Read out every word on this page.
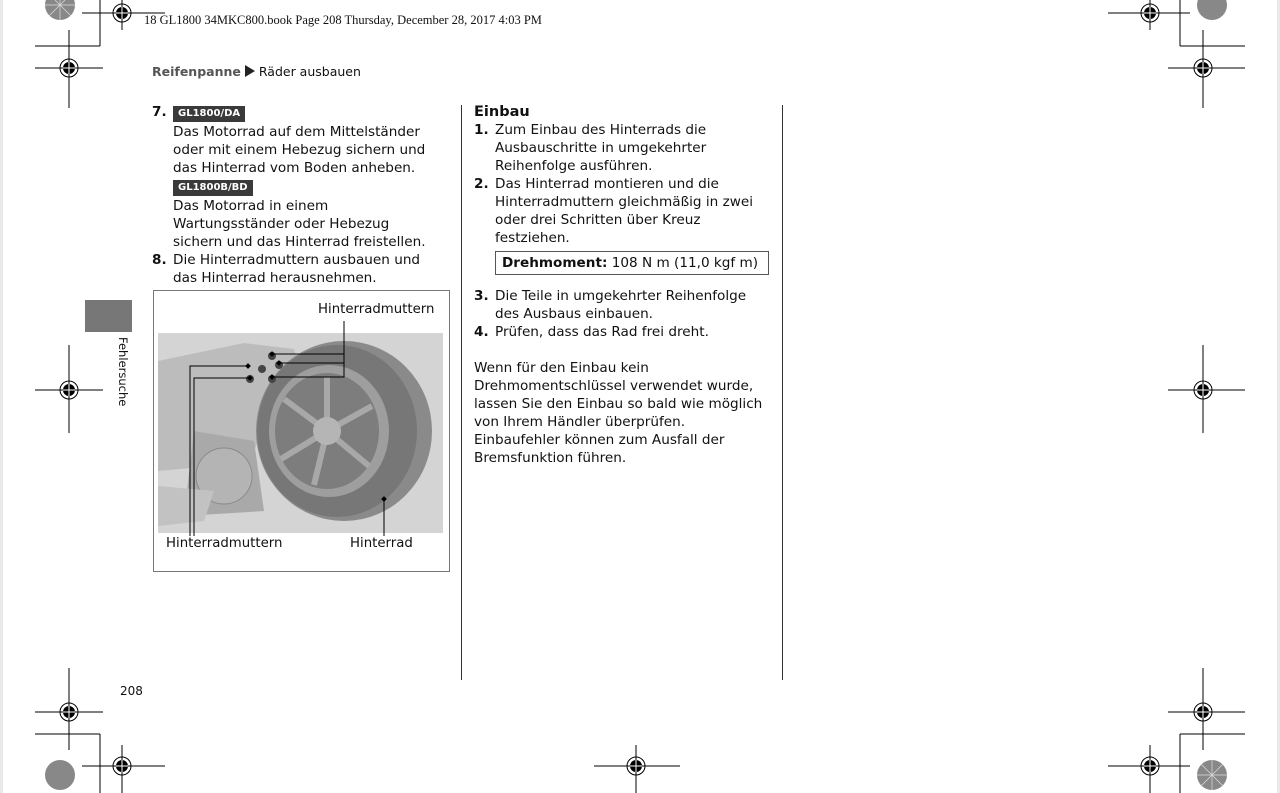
18 GL1800 34MKC800.book Page 208 Thursday, December 28, 2017 4:03 PM
Reifenpanne Räder ausbauen
7. GL1800/DA
Das Motorrad auf dem Mittelständer oder mit einem Hebezug sichern und das Hinterrad vom Boden anheben.
GL1800B/BD
Das Motorrad in einem Wartungsständer oder Hebezug sichern und das Hinterrad freistellen.
8. Die Hinterradmuttern ausbauen und das Hinterrad herausnehmen.
Hinterradmuttern
Hinterradmuttern	Hinterrad
Einbau
1. Zum Einbau des Hinterrads die Ausbauschritte in umgekehrter Reihenfolge ausführen.
2. Das Hinterrad montieren und die Hinterradmuttern gleichmäßig in zwei oder drei Schritten über Kreuz festziehen.
Drehmoment: 108 N m (11,0 kgf m)
3. Die Teile in umgekehrter Reihenfolge des Ausbaus einbauen.
4. Prüfen, dass das Rad frei dreht.
Wenn für den Einbau kein Drehmomentschlüssel verwendet wurde, lassen Sie den Einbau so bald wie möglich von Ihrem Händler überprüfen. Einbaufehler können zum Ausfall der Bremsfunktion führen.
Fehlersuche
208
